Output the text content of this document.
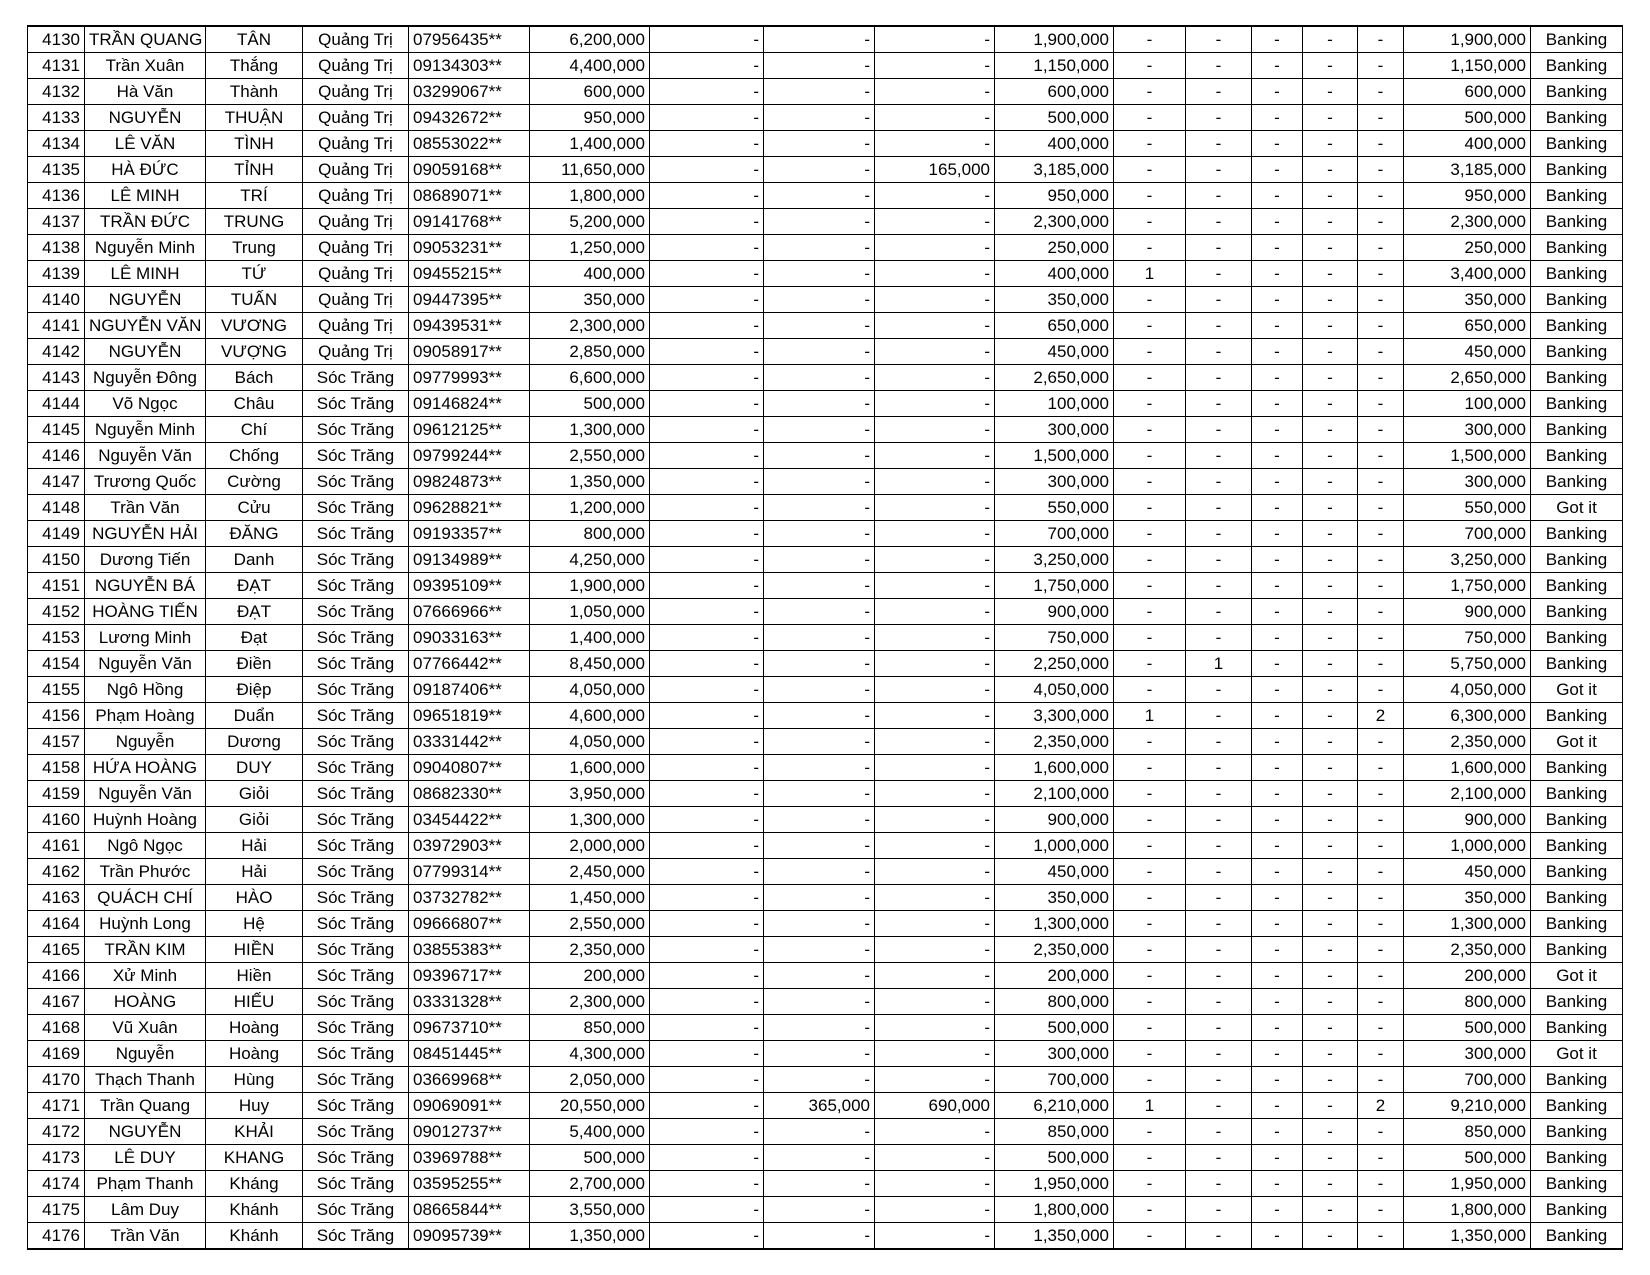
4130	TRẦN QUANG	TÂN	Quảng Trị	07956435**	6,200,000	-	-	-	1,900,000	-	-	-	-	-	1,900,000	Banking
4131	Trần Xuân	Thắng	Quảng Trị	09134303**	4,400,000	-	-	-	1,150,000	-	-	-	-	-	1,150,000	Banking
4132	Hà Văn	Thành	Quảng Trị	03299067**	600,000	-	-	-	600,000	-	-	-	-	-	600,000	Banking
4133	NGUYỄN	THUẬN	Quảng Trị	09432672**	950,000	-	-	-	500,000	-	-	-	-	-	500,000	Banking
4134	LÊ VĂN	TÌNH	Quảng Trị	08553022**	1,400,000	-	-	-	400,000	-	-	-	-	-	400,000	Banking
4135	HÀ ĐỨC	TỈNH	Quảng Trị	09059168**	11,650,000	-	-	165,000	3,185,000	-	-	-	-	-	3,185,000	Banking
4136	LÊ MINH	TRÍ	Quảng Trị	08689071**	1,800,000	-	-	-	950,000	-	-	-	-	-	950,000	Banking
4137	TRẦN ĐỨC	TRUNG	Quảng Trị	09141768**	5,200,000	-	-	-	2,300,000	-	-	-	-	-	2,300,000	Banking
4138	Nguyễn Minh	Trung	Quảng Trị	09053231**	1,250,000	-	-	-	250,000	-	-	-	-	-	250,000	Banking
4139	LÊ MINH	TỨ	Quảng Trị	09455215**	400,000	-	-	-	400,000	1	-	-	-	-	3,400,000	Banking
4140	NGUYỄN	TUẤN	Quảng Trị	09447395**	350,000	-	-	-	350,000	-	-	-	-	-	350,000	Banking
4141	NGUYỄN VĂN	VƯƠNG	Quảng Trị	09439531**	2,300,000	-	-	-	650,000	-	-	-	-	-	650,000	Banking
4142	NGUYỄN	VƯỢNG	Quảng Trị	09058917**	2,850,000	-	-	-	450,000	-	-	-	-	-	450,000	Banking
4143	Nguyễn Đông	Bách	Sóc Trăng	09779993**	6,600,000	-	-	-	2,650,000	-	-	-	-	-	2,650,000	Banking
4144	Võ Ngọc	Châu	Sóc Trăng	09146824**	500,000	-	-	-	100,000	-	-	-	-	-	100,000	Banking
4145	Nguyễn Minh	Chí	Sóc Trăng	09612125**	1,300,000	-	-	-	300,000	-	-	-	-	-	300,000	Banking
4146	Nguyễn Văn	Chống	Sóc Trăng	09799244**	2,550,000	-	-	-	1,500,000	-	-	-	-	-	1,500,000	Banking
4147	Trương Quốc	Cường	Sóc Trăng	09824873**	1,350,000	-	-	-	300,000	-	-	-	-	-	300,000	Banking
4148	Trần Văn	Cửu	Sóc Trăng	09628821**	1,200,000	-	-	-	550,000	-	-	-	-	-	550,000	Got it
4149	NGUYỄN HẢI	ĐĂNG	Sóc Trăng	09193357**	800,000	-	-	-	700,000	-	-	-	-	-	700,000	Banking
4150	Dương Tiến	Danh	Sóc Trăng	09134989**	4,250,000	-	-	-	3,250,000	-	-	-	-	-	3,250,000	Banking
4151	NGUYỄN BÁ	ĐẠT	Sóc Trăng	09395109**	1,900,000	-	-	-	1,750,000	-	-	-	-	-	1,750,000	Banking
4152	HOÀNG TIẾN	ĐẠT	Sóc Trăng	07666966**	1,050,000	-	-	-	900,000	-	-	-	-	-	900,000	Banking
4153	Lương Minh	Đạt	Sóc Trăng	09033163**	1,400,000	-	-	-	750,000	-	-	-	-	-	750,000	Banking
4154	Nguyễn Văn	Điền	Sóc Trăng	07766442**	8,450,000	-	-	-	2,250,000	-	1	-	-	-	5,750,000	Banking
4155	Ngô Hồng	Điệp	Sóc Trăng	09187406**	4,050,000	-	-	-	4,050,000	-	-	-	-	-	4,050,000	Got it
4156	Phạm Hoàng	Duẩn	Sóc Trăng	09651819**	4,600,000	-	-	-	3,300,000	1	-	-	-	2	6,300,000	Banking
4157	Nguyễn	Dương	Sóc Trăng	03331442**	4,050,000	-	-	-	2,350,000	-	-	-	-	-	2,350,000	Got it
4158	HỨA HOÀNG	DUY	Sóc Trăng	09040807**	1,600,000	-	-	-	1,600,000	-	-	-	-	-	1,600,000	Banking
4159	Nguyễn Văn	Giỏi	Sóc Trăng	08682330**	3,950,000	-	-	-	2,100,000	-	-	-	-	-	2,100,000	Banking
4160	Huỳnh Hoàng	Giỏi	Sóc Trăng	03454422**	1,300,000	-	-	-	900,000	-	-	-	-	-	900,000	Banking
4161	Ngô Ngọc	Hải	Sóc Trăng	03972903**	2,000,000	-	-	-	1,000,000	-	-	-	-	-	1,000,000	Banking
4162	Trần Phước	Hải	Sóc Trăng	07799314**	2,450,000	-	-	-	450,000	-	-	-	-	-	450,000	Banking
4163	QUÁCH CHÍ	HÀO	Sóc Trăng	03732782**	1,450,000	-	-	-	350,000	-	-	-	-	-	350,000	Banking
4164	Huỳnh Long	Hệ	Sóc Trăng	09666807**	2,550,000	-	-	-	1,300,000	-	-	-	-	-	1,300,000	Banking
4165	TRẦN KIM	HIỀN	Sóc Trăng	03855383**	2,350,000	-	-	-	2,350,000	-	-	-	-	-	2,350,000	Banking
4166	Xử Minh	Hiền	Sóc Trăng	09396717**	200,000	-	-	-	200,000	-	-	-	-	-	200,000	Got it
4167	HOÀNG	HIẾU	Sóc Trăng	03331328**	2,300,000	-	-	-	800,000	-	-	-	-	-	800,000	Banking
4168	Vũ Xuân	Hoàng	Sóc Trăng	09673710**	850,000	-	-	-	500,000	-	-	-	-	-	500,000	Banking
4169	Nguyễn	Hoàng	Sóc Trăng	08451445**	4,300,000	-	-	-	300,000	-	-	-	-	-	300,000	Got it
4170	Thạch Thanh	Hùng	Sóc Trăng	03669968**	2,050,000	-	-	-	700,000	-	-	-	-	-	700,000	Banking
4171	Trần Quang	Huy	Sóc Trăng	09069091**	20,550,000	-	365,000	690,000	6,210,000	1	-	-	-	2	9,210,000	Banking
4172	NGUYỄN	KHẢI	Sóc Trăng	09012737**	5,400,000	-	-	-	850,000	-	-	-	-	-	850,000	Banking
4173	LÊ DUY	KHANG	Sóc Trăng	03969788**	500,000	-	-	-	500,000	-	-	-	-	-	500,000	Banking
4174	Phạm Thanh	Kháng	Sóc Trăng	03595255**	2,700,000	-	-	-	1,950,000	-	-	-	-	-	1,950,000	Banking
4175	Lâm Duy	Khánh	Sóc Trăng	08665844**	3,550,000	-	-	-	1,800,000	-	-	-	-	-	1,800,000	Banking
4176	Trần Văn	Khánh	Sóc Trăng	09095739**	1,350,000	-	-	-	1,350,000	-	-	-	-	-	1,350,000	Banking
